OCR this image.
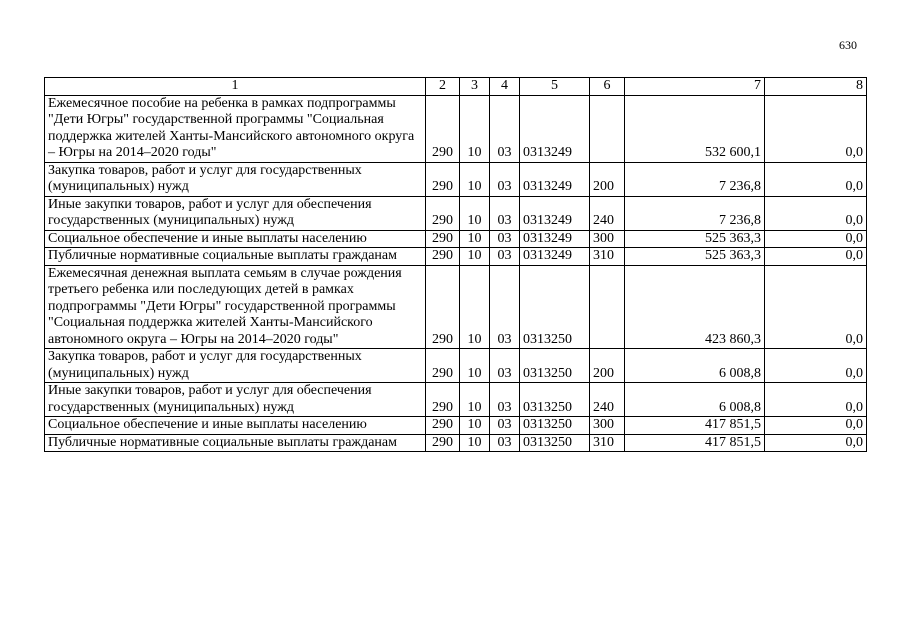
630
1	2	3	4	5	6	7	8
Ежемесячное пособие на ребенка в рамках подпрограммы "Дети Югры" государственной программы "Социальная поддержка жителей Ханты-Мансийского автономного округа – Югры на 2014–2020 годы"	290	10	03	0313249		532 600,1	0,0
Закупка товаров, работ и услуг для государственных (муниципальных) нужд	290	10	03	0313249	200	7 236,8	0,0
Иные закупки товаров, работ и услуг для обеспечения государственных (муниципальных) нужд	290	10	03	0313249	240	7 236,8	0,0
Социальное обеспечение и иные выплаты населению	290	10	03	0313249	300	525 363,3	0,0
Публичные нормативные социальные выплаты гражданам	290	10	03	0313249	310	525 363,3	0,0
Ежемесячная денежная выплата семьям в случае рождения третьего ребенка или последующих детей в рамках подпрограммы "Дети Югры" государственной программы "Социальная поддержка жителей Ханты-Мансийского автономного округа – Югры на 2014–2020 годы"	290	10	03	0313250		423 860,3	0,0
Закупка товаров, работ и услуг для государственных (муниципальных) нужд	290	10	03	0313250	200	6 008,8	0,0
Иные закупки товаров, работ и услуг для обеспечения государственных (муниципальных) нужд	290	10	03	0313250	240	6 008,8	0,0
Социальное обеспечение и иные выплаты населению	290	10	03	0313250	300	417 851,5	0,0
Публичные нормативные социальные выплаты гражданам	290	10	03	0313250	310	417 851,5	0,0
